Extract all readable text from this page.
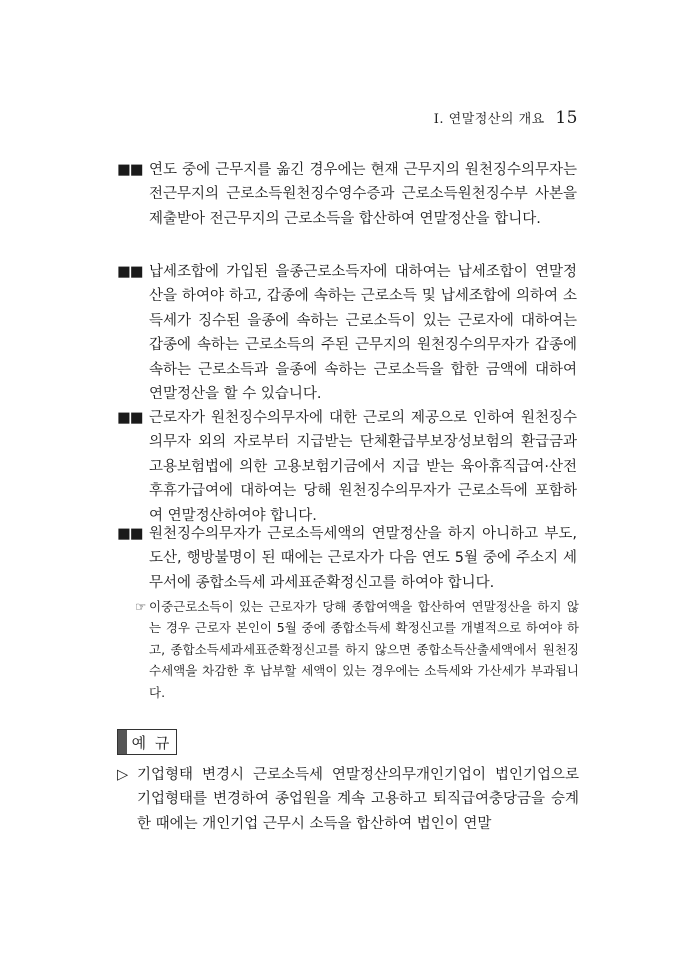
Ⅰ. 연말정산의 개요 15
■■ 연도 중에 근무지를 옮긴 경우에는 현재 근무지의 원천징수의무자는 전근무지의 근로소득원천징수영수증과 근로소득원천징수부 사본을 제출받아 전근무지의 근로소득을 합산하여 연말정산을 합니다.
■■ 납세조합에 가입된 을종근로소득자에 대하여는 납세조합이 연말정산을 하여야 하고, 갑종에 속하는 근로소득 및 납세조합에 의하여 소득세가 징수된 을종에 속하는 근로소득이 있는 근로자에 대하여는 갑종에 속하는 근로소득의 주된 근무지의 원천징수의무자가 갑종에 속하는 근로소득과 을종에 속하는 근로소득을 합한 금액에 대하여 연말정산을 할 수 있습니다.
■■ 근로자가 원천징수의무자에 대한 근로의 제공으로 인하여 원천징수의무자 외의 자로부터 지급받는 단체환급부보장성보험의 환급금과 고용보험법에 의한 고용보험기금에서 지급 받는 육아휴직급여·산전후휴가급여에 대하여는 당해 원천징수의무자가 근로소득에 포함하여 연말정산하여야 합니다.
■■ 원천징수의무자가 근로소득세액의 연말정산을 하지 아니하고 부도, 도산, 행방불명이 된 때에는 근로자가 다음 연도 5월 중에 주소지 세무서에 종합소득세 과세표준확정신고를 하여야 합니다.
☞ 이중근로소득이 있는 근로자가 당해 종합여액을 합산하여 연말정산을 하지 않는 경우 근로자 본인이 5월 중에 종합소득세 확정신고를 개별적으로 하여야 하고, 종합소득세과세표준확정신고를 하지 않으면 종합소득산출세액에서 원천징수세액을 차감한 후 납부할 세액이 있는 경우에는 소득세와 가산세가 부과됩니다.
예 규
▷ 기업형태 변경시 근로소득세 연말정산의무개인기업이 법인기업으로 기업형태를 변경하여 종업원을 계속 고용하고 퇴직급여충당금을 승계한 때에는 개인기업 근무시 소득을 합산하여 법인이 연말
